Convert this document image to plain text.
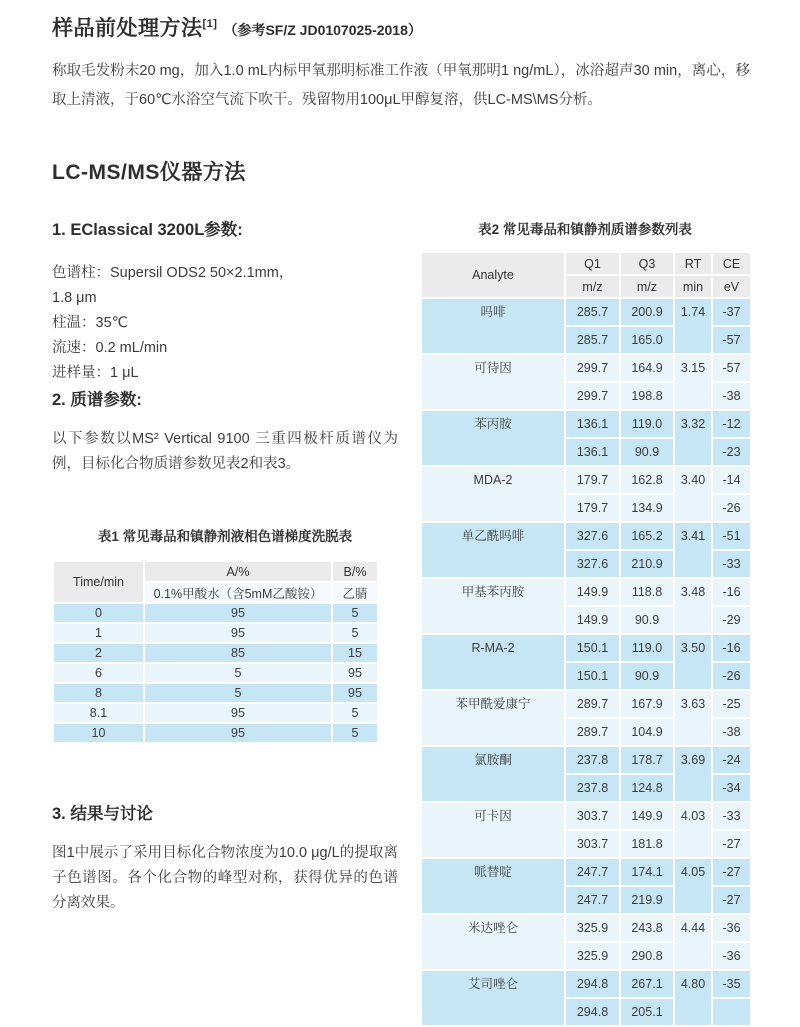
样品前处理方法[1] （参考SF/Z JD0107025-2018）

称取毛发粉末20 mg，加入1.0 mL内标甲氧那明标准工作液（甲氧那明1 ng/mL），冰浴超声30 min，离心，移取上清液，于60℃水浴空气流下吹干。残留物用100μL甲醇复溶，供LC-MS\MS分析。

LC-MS/MS仪器方法
1. EClassical 3200L参数:
色谱柱：Supersil ODS2 50×2.1mm，
1.8 μm
柱温：35℃
流速：0.2 mL/min
进样量：1 μL
2. 质谱参数:

以下参数以MS² Vertical 9100 三重四极杆质谱仪为例，目标化合物质谱参数见表2和表3。

表1 常见毒品和镇静剂液相色谱梯度洗脱表
Time/min	A/%	B/%
	0.1%甲酸水（含5mM乙酸铵）	乙腈
0	95	5
1	95	5
2	85	15
6	5	95
8	5	95
8.1	95	5
10	95	5
3. 结果与讨论

图1中展示了采用目标化合物浓度为10.0 μg/L的提取离子色谱图。各个化合物的峰型对称，获得优异的色谱分离效果。

表2 常见毒品和镇静剂质谱参数列表
Analyte	Q1	Q3	RT	CE
	m/z	m/z	min	eV
吗啡	285.7	200.9	1.74	-37
	285.7	165.0		-57
可待因	299.7	164.9	3.15	-57
	299.7	198.8		-38
苯丙胺	136.1	119.0	3.32	-12
	136.1	90.9		-23
MDA-2	179.7	162.8	3.40	-14
	179.7	134.9		-26
单乙酰吗啡	327.6	165.2	3.41	-51
	327.6	210.9		-33
甲基苯丙胺	149.9	118.8	3.48	-16
	149.9	90.9		-29
R-MA-2	150.1	119.0	3.50	-16
	150.1	90.9		-26
苯甲酰爱康宁	289.7	167.9	3.63	-25
	289.7	104.9		-38
氯胺酮	237.8	178.7	3.69	-24
	237.8	124.8		-34
可卡因	303.7	149.9	4.03	-33
	303.7	181.8		-27
哌替啶	247.7	174.1	4.05	-27
	247.7	219.9		-27
米达唑仑	325.9	243.8	4.44	-36
	325.9	290.8		-36
艾司唑仑	294.8	267.1	4.80	-35
	294.8	205.1		
